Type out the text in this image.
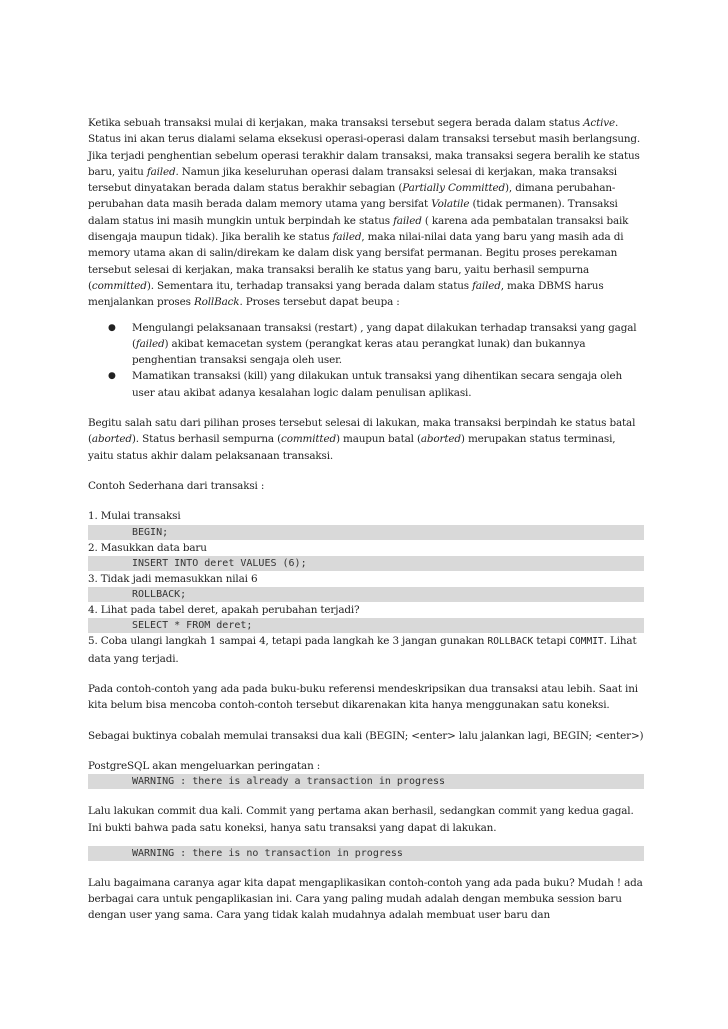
Ketika sebuah transaksi mulai di kerjakan, maka transaksi tersebut segera berada dalam status Active. Status ini akan terus dialami selama eksekusi operasi-operasi dalam transaksi tersebut masih berlangsung. Jika terjadi penghentian sebelum operasi terakhir dalam transaksi, maka transaksi segera beralih ke status baru, yaitu failed. Namun jika keseluruhan operasi dalam transaksi selesai di kerjakan, maka transaksi tersebut dinyatakan berada dalam status berakhir sebagian (Partially Committed), dimana perubahan-perubahan data masih berada dalam memory utama yang bersifat Volatile (tidak permanen). Transaksi dalam status ini masih mungkin untuk berpindah ke status failed ( karena ada pembatalan transaksi baik disengaja maupun tidak). Jika beralih ke status failed, maka nilai-nilai data yang baru yang masih ada di memory utama akan di salin/direkam ke dalam disk yang bersifat permanan. Begitu proses perekaman tersebut selesai di kerjakan, maka transaksi beralih ke status yang baru, yaitu berhasil sempurna (committed). Sementara itu, terhadap transaksi yang berada dalam status failed, maka DBMS harus menjalankan proses RollBack. Proses tersebut dapat beupa :

● Mengulangi pelaksanaan transaksi (restart) , yang dapat dilakukan terhadap transaksi yang gagal (failed) akibat kemacetan system (perangkat keras atau perangkat lunak) dan bukannya penghentian transaksi sengaja oleh user.
● Mamatikan transaksi (kill) yang dilakukan untuk transaksi yang dihentikan secara sengaja oleh user atau akibat adanya kesalahan logic dalam penulisan aplikasi.

Begitu salah satu dari pilihan proses tersebut selesai di lakukan, maka transaksi berpindah ke status batal (aborted). Status berhasil sempurna (committed) maupun batal (aborted) merupakan status terminasi, yaitu status akhir dalam pelaksanaan transaksi.

Contoh Sederhana dari transaksi :

1. Mulai transaksi

BEGIN;

2. Masukkan data baru

INSERT INTO deret VALUES (6);

3. Tidak jadi memasukkan nilai 6

ROLLBACK;

4. Lihat pada tabel deret, apakah perubahan terjadi?

SELECT * FROM deret;

5. Coba ulangi langkah 1 sampai 4, tetapi pada langkah ke 3 jangan gunakan ROLLBACK tetapi COMMIT. Lihat data yang terjadi.

Pada contoh-contoh yang ada pada buku-buku referensi mendeskripsikan dua transaksi atau lebih. Saat ini kita belum bisa mencoba contoh-contoh tersebut dikarenakan kita hanya menggunakan satu koneksi.

Sebagai buktinya cobalah memulai transaksi dua kali (BEGIN; <enter> lalu jalankan lagi, BEGIN; <enter>)

PostgreSQL akan mengeluarkan peringatan :

WARNING : there is already a transaction in progress

Lalu lakukan commit dua kali. Commit yang pertama akan berhasil, sedangkan commit yang kedua gagal. Ini bukti bahwa pada satu koneksi, hanya satu transaksi yang dapat di lakukan.

WARNING : there is no transaction in progress

Lalu bagaimana caranya agar kita dapat mengaplikasikan contoh-contoh yang ada pada buku? Mudah ! ada berbagai cara untuk pengaplikasian ini. Cara yang paling mudah adalah dengan membuka session baru dengan user yang sama. Cara yang tidak kalah mudahnya adalah membuat user baru dan
